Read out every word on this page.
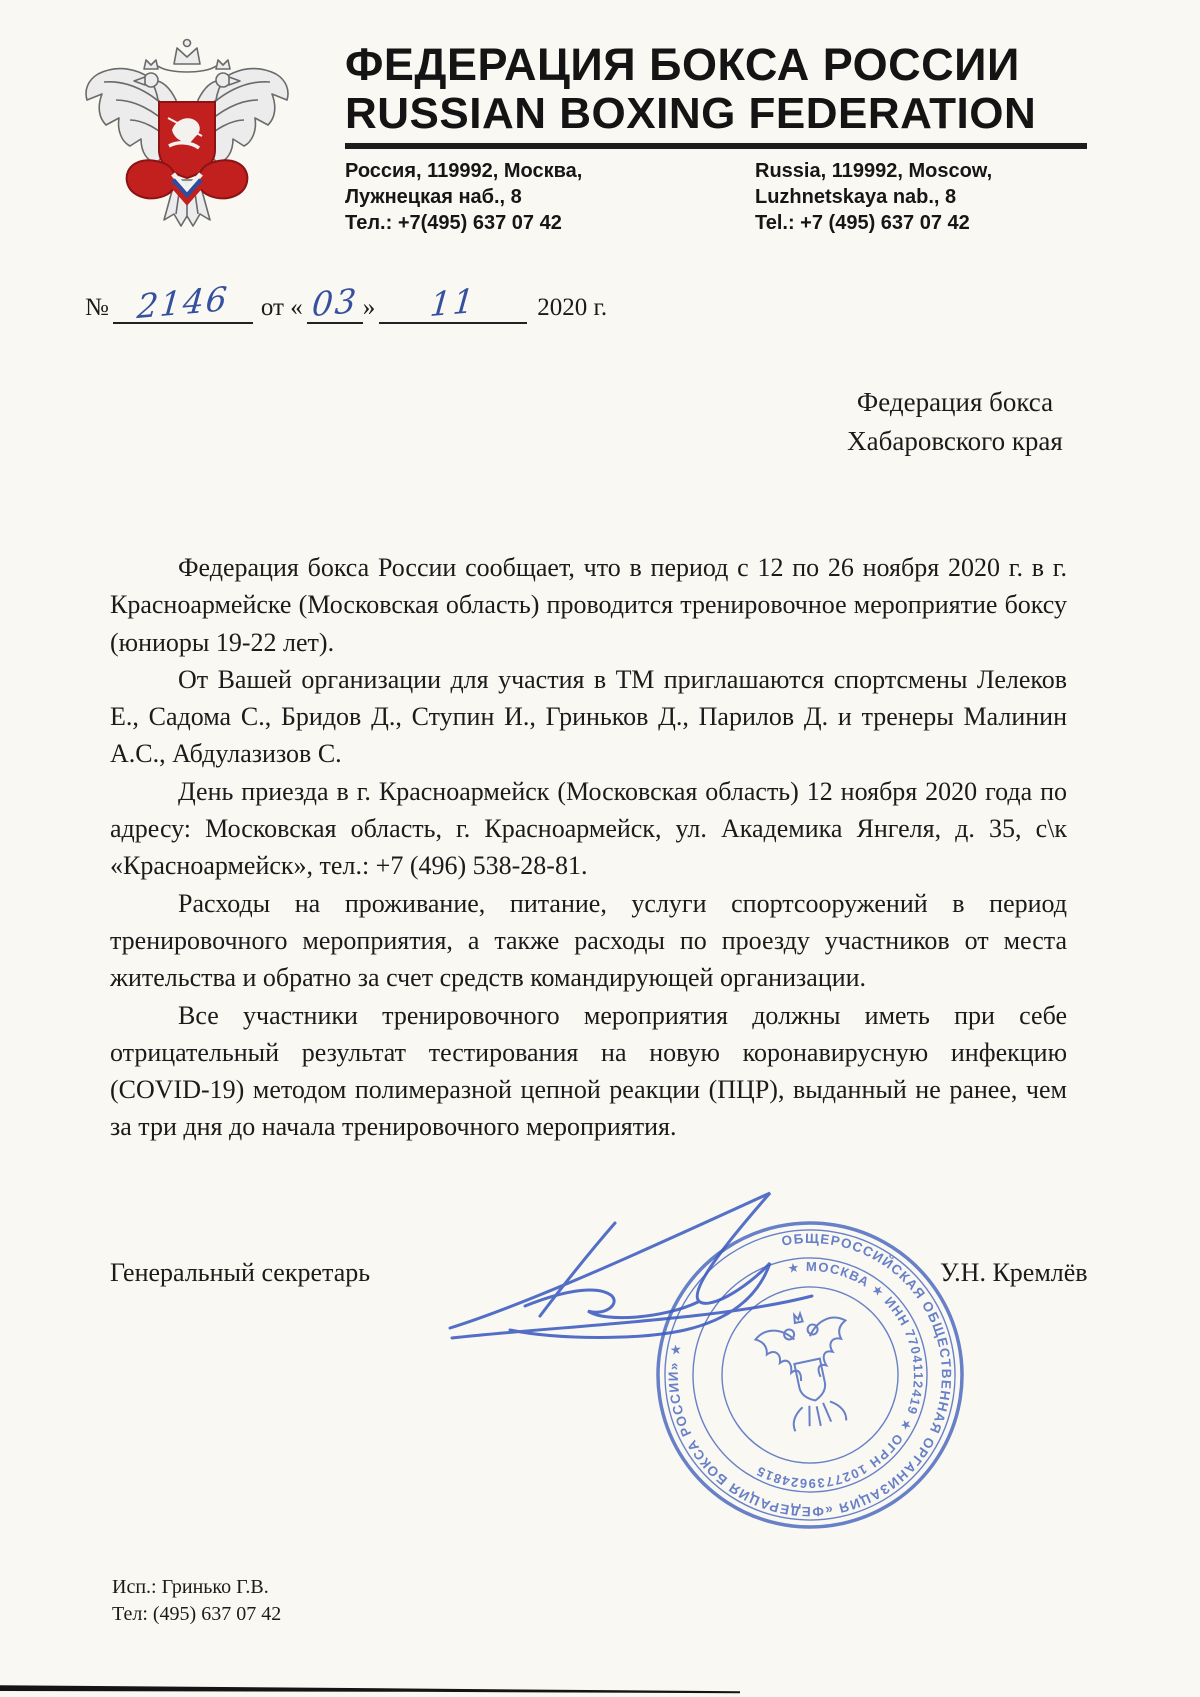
ФЕДЕРАЦИЯ БОКСА РОССИИ
RUSSIAN BOXING FEDERATION
Россия, 119992, Москва,
Лужнецкая наб., 8
Тел.: +7(495) 637 07 42
Russia, 119992, Moscow,
Luzhnetskaya nab., 8
Tel.: +7 (495) 637 07 42
№ 2146	от « 03 » 11	2020 г.
Федерация бокса
Хабаровского края

Федерация бокса России сообщает, что в период с 12 по 26 ноября 2020 г. в г. Красноармейске (Московская область) проводится тренировочное мероприятие боксу (юниоры 19-22 лет).

От Вашей организации для участия в ТМ приглашаются спортсмены Лелеков Е., Садома С., Бридов Д., Ступин И., Гриньков Д., Парилов Д. и тренеры Малинин А.С., Абдулазизов С.

День приезда в г. Красноармейск (Московская область) 12 ноября 2020 года по адресу: Московская область, г. Красноармейск, ул. Академика Янгеля, д. 35, с\к «Красноармейск», тел.: +7 (496) 538-28-81.

Расходы на проживание, питание, услуги спортсооружений в период тренировочного мероприятия, а также расходы по проезду участников от места жительства и обратно за счет средств командирующей организации.

Все участники тренировочного мероприятия должны иметь при себе отрицательный результат тестирования на новую коронавирусную инфекцию (COVID-19) методом полимеразной цепной реакции (ПЦР), выданный не ранее, чем за три дня до начала тренировочного мероприятия.

Генеральный секретарь	У.Н. Кремлёв
ОБЩЕРОССИЙСКАЯ ОБЩЕСТВЕННАЯ ОРГАНИЗАЦИЯ «ФЕДЕРАЦИЯ БОКСА РОССИИ» ★
★ МОСКВА ★ ИНН 7704112419 ★ ОГРН 1027739624815
Исп.: Гринько Г.В.
Тел: (495) 637 07 42
